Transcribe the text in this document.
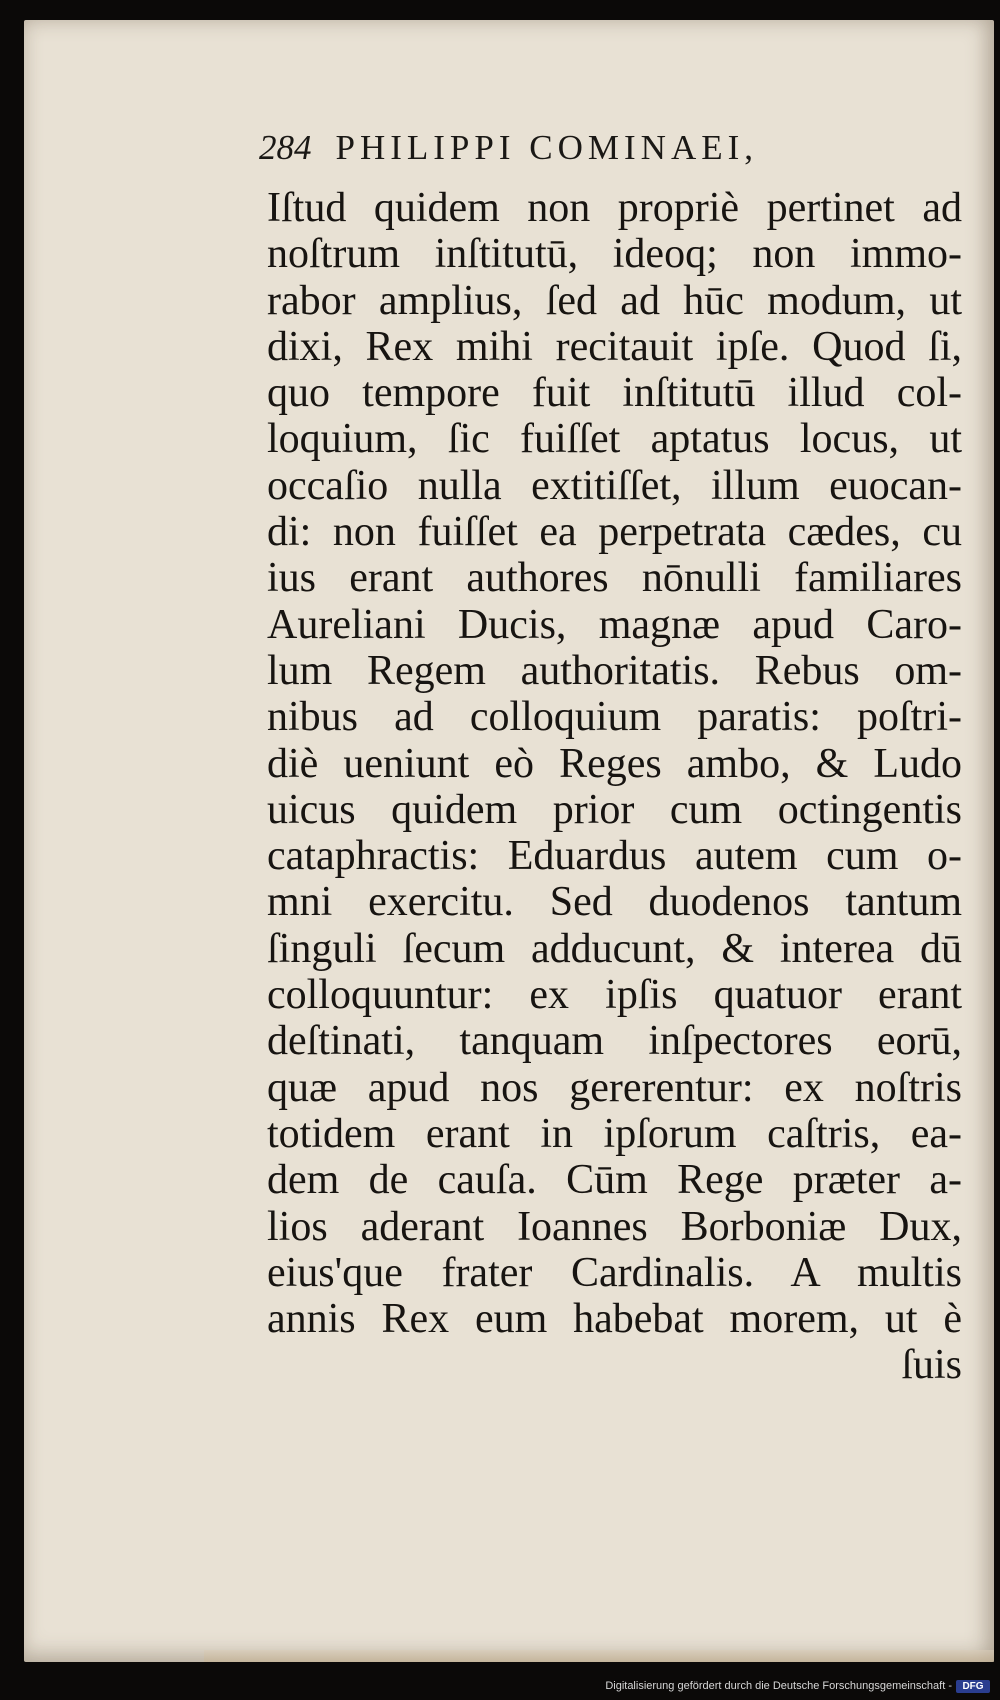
284 PHILIPPI COMINAEI,
Iſtud quidem non propriè pertinet ad
noſtrum inſtitutū, ideoq; non immo-
rabor amplius, ſed ad hūc modum, ut
dixi, Rex mihi recitauit ipſe. Quod ſi,
quo tempore fuit inſtitutū illud col-
loquium, ſic fuiſſet aptatus locus, ut
occaſio nulla extitiſſet, illum euocan-
di: non fuiſſet ea perpetrata cædes, cu
ius erant authores nōnulli familiares
Aureliani Ducis, magnæ apud Caro-
lum Regem authoritatis. Rebus om-
nibus ad colloquium paratis: poſtri-
diè ueniunt eò Reges ambo, & Ludo
uicus quidem prior cum octingentis
cataphractis: Eduardus autem cum o-
mni exercitu. Sed duodenos tantum
ſinguli ſecum adducunt, & interea dū
colloquuntur: ex ipſis quatuor erant
deſtinati, tanquam inſpectores eorū,
quæ apud nos gererentur: ex noſtris
totidem erant in ipſorum caſtris, ea-
dem de cauſa. Cūm Rege præter a-
lios aderant Ioannes Borboniæ Dux,
eius'que frater Cardinalis. A multis
annis Rex eum habebat morem, ut è
ſuis
Digitalisierung gefördert durch die Deutsche Forschungsgemeinschaft -	DFG
